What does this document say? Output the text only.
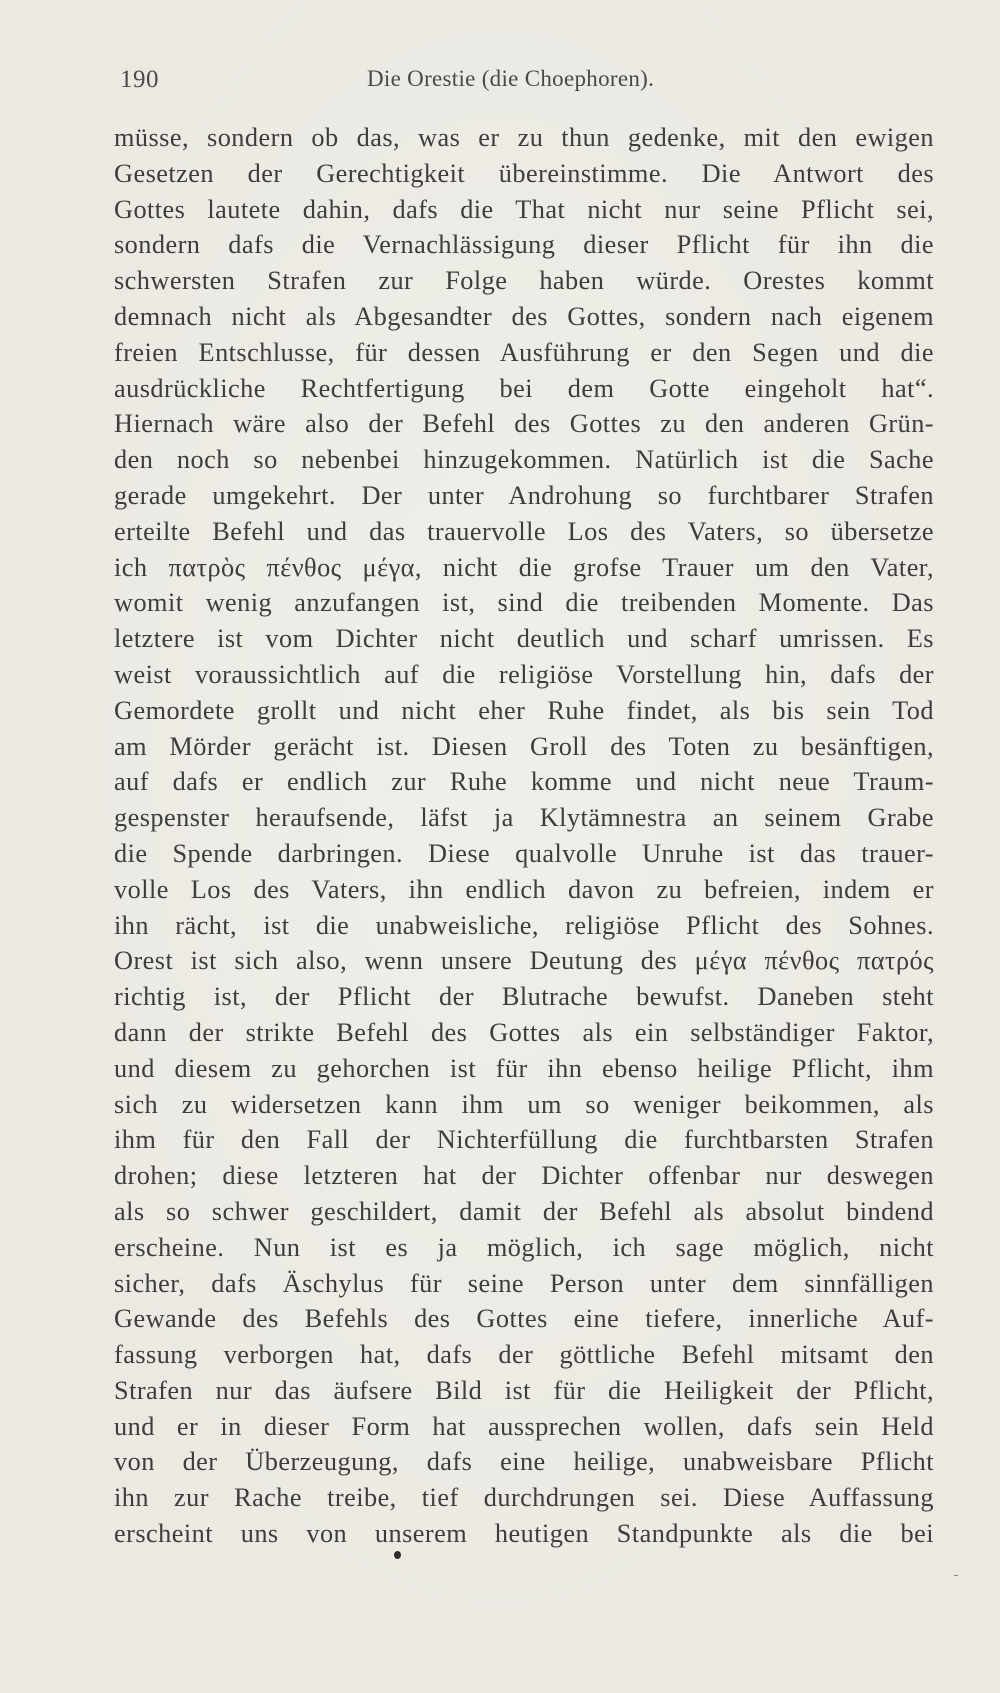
190	Die Orestie (die Choephoren).
müsse, sondern ob das, was er zu thun gedenke, mit den ewigen
Gesetzen der Gerechtigkeit übereinstimme. Die Antwort des
Gottes lautete dahin, dafs die That nicht nur seine Pflicht sei,
sondern dafs die Vernachlässigung dieser Pflicht für ihn die
schwersten Strafen zur Folge haben würde. Orestes kommt
demnach nicht als Abgesandter des Gottes, sondern nach eigenem
freien Entschlusse, für dessen Ausführung er den Segen und die
ausdrückliche Rechtfertigung bei dem Gotte eingeholt hat“.
Hiernach wäre also der Befehl des Gottes zu den anderen Grün-
den noch so nebenbei hinzugekommen. Natürlich ist die Sache
gerade umgekehrt. Der unter Androhung so furchtbarer Strafen
erteilte Befehl und das trauervolle Los des Vaters, so übersetze
ich πατρὸς πένθος μέγα, nicht die grofse Trauer um den Vater,
womit wenig anzufangen ist, sind die treibenden Momente. Das
letztere ist vom Dichter nicht deutlich und scharf umrissen. Es
weist voraussichtlich auf die religiöse Vorstellung hin, dafs der
Gemordete grollt und nicht eher Ruhe findet, als bis sein Tod
am Mörder gerächt ist. Diesen Groll des Toten zu besänftigen,
auf dafs er endlich zur Ruhe komme und nicht neue Traum-
gespenster heraufsende, läfst ja Klytämnestra an seinem Grabe
die Spende darbringen. Diese qualvolle Unruhe ist das trauer-
volle Los des Vaters, ihn endlich davon zu befreien, indem er
ihn rächt, ist die unabweisliche, religiöse Pflicht des Sohnes.
Orest ist sich also, wenn unsere Deutung des μέγα πένθος πατρός
richtig ist, der Pflicht der Blutrache bewufst. Daneben steht
dann der strikte Befehl des Gottes als ein selbständiger Faktor,
und diesem zu gehorchen ist für ihn ebenso heilige Pflicht, ihm
sich zu widersetzen kann ihm um so weniger beikommen, als
ihm für den Fall der Nichterfüllung die furchtbarsten Strafen
drohen; diese letzteren hat der Dichter offenbar nur deswegen
als so schwer geschildert, damit der Befehl als absolut bindend
erscheine. Nun ist es ja möglich, ich sage möglich, nicht
sicher, dafs Äschylus für seine Person unter dem sinnfälligen
Gewande des Befehls des Gottes eine tiefere, innerliche Auf-
fassung verborgen hat, dafs der göttliche Befehl mitsamt den
Strafen nur das äufsere Bild ist für die Heiligkeit der Pflicht,
und er in dieser Form hat aussprechen wollen, dafs sein Held
von der Überzeugung, dafs eine heilige, unabweisbare Pflicht
ihn zur Rache treibe, tief durchdrungen sei. Diese Auffassung
erscheint uns von unserem heutigen Standpunkte als die bei
